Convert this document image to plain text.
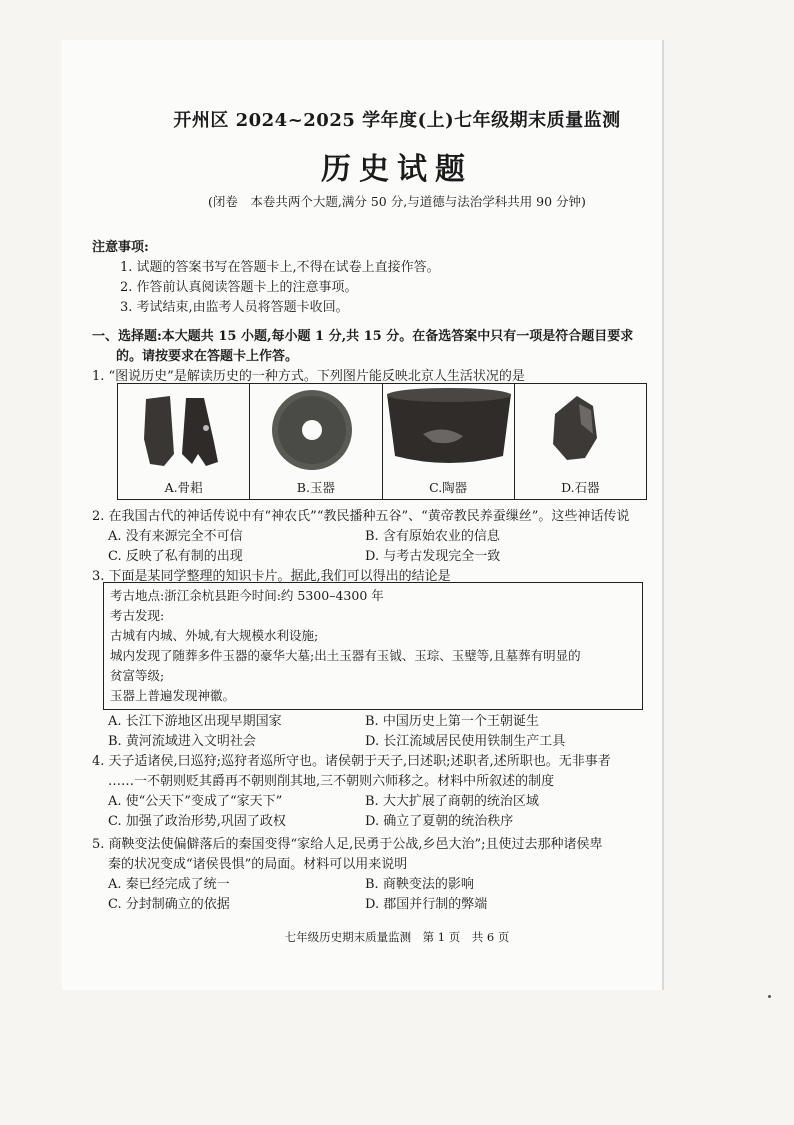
开州区 2024~2025 学年度(上)七年级期末质量监测
历史试题
(闭卷　本卷共两个大题,满分 50 分,与道德与法治学科共用 90 分钟)
注意事项:
1. 试题的答案书写在答题卡上,不得在试卷上直接作答。
2. 作答前认真阅读答题卡上的注意事项。
3. 考试结束,由监考人员将答题卡收回。
一、选择题:本大题共 15 小题,每小题 1 分,共 15 分。在备选答案中只有一项是符合题目要求
的。请按要求在答题卡上作答。
1. “图说历史”是解读历史的一种方式。下列图片能反映北京人生活状况的是
A.骨耜	B.玉器	C.陶器	D.石器
2. 在我国古代的神话传说中有“神农氏”“教民播种五谷”、“黄帝教民养蚕缫丝”。这些神话传说
A. 没有来源完全不可信	B. 含有原始农业的信息
C. 反映了私有制的出现	D. 与考古发现完全一致
3. 下面是某同学整理的知识卡片。据此,我们可以得出的结论是
考古地点:浙江余杭县距今时间:约 5300–4300 年
考古发现:
古城有内城、外城,有大规模水利设施;
城内发现了随葬多件玉器的豪华大墓;出土玉器有玉钺、玉琮、玉璧等,且墓葬有明显的
贫富等级;
玉器上普遍发现神徽。
A. 长江下游地区出现早期国家	B. 中国历史上第一个王朝诞生
B. 黄河流域进入文明社会	D. 长江流域居民使用铁制生产工具
4. 天子适诸侯,曰巡狩;巡狩者巡所守也。诸侯朝于天子,曰述职;述职者,述所职也。无非事者
……一不朝则贬其爵再不朝则削其地,三不朝则六师移之。材料中所叙述的制度
A. 使“公天下”变成了“家天下”	B. 大大扩展了商朝的统治区域
C. 加强了政治形势,巩固了政权	D. 确立了夏朝的统治秩序
5. 商鞅变法使偏僻落后的秦国变得“家给人足,民勇于公战,乡邑大治”;且使过去那种诸侯卑
秦的状况变成“诸侯畏惧”的局面。材料可以用来说明
A. 秦已经完成了统一	B. 商鞅变法的影响
C. 分封制确立的依据	D. 郡国并行制的弊端
七年级历史期末质量监测　第 1 页　共 6 页
